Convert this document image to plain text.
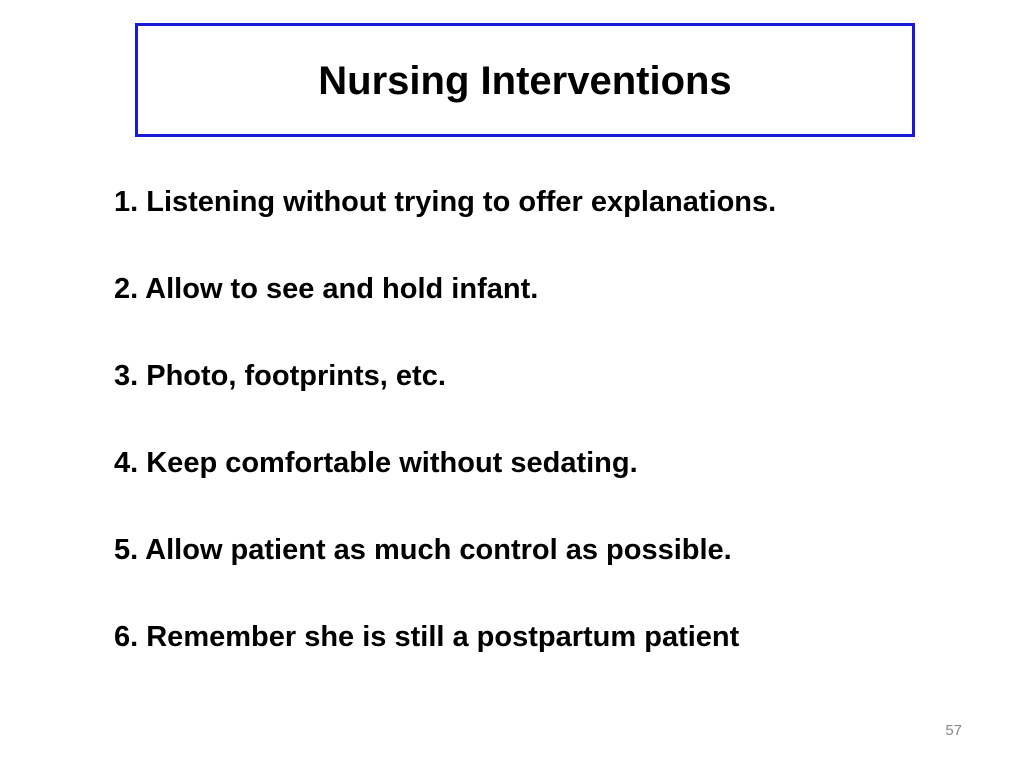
Nursing Interventions
1. Listening without trying to offer explanations.
2. Allow to see and hold infant.
3. Photo, footprints, etc.
4. Keep comfortable without sedating.
5. Allow patient as much control as possible.
6. Remember she is still a postpartum patient
57
